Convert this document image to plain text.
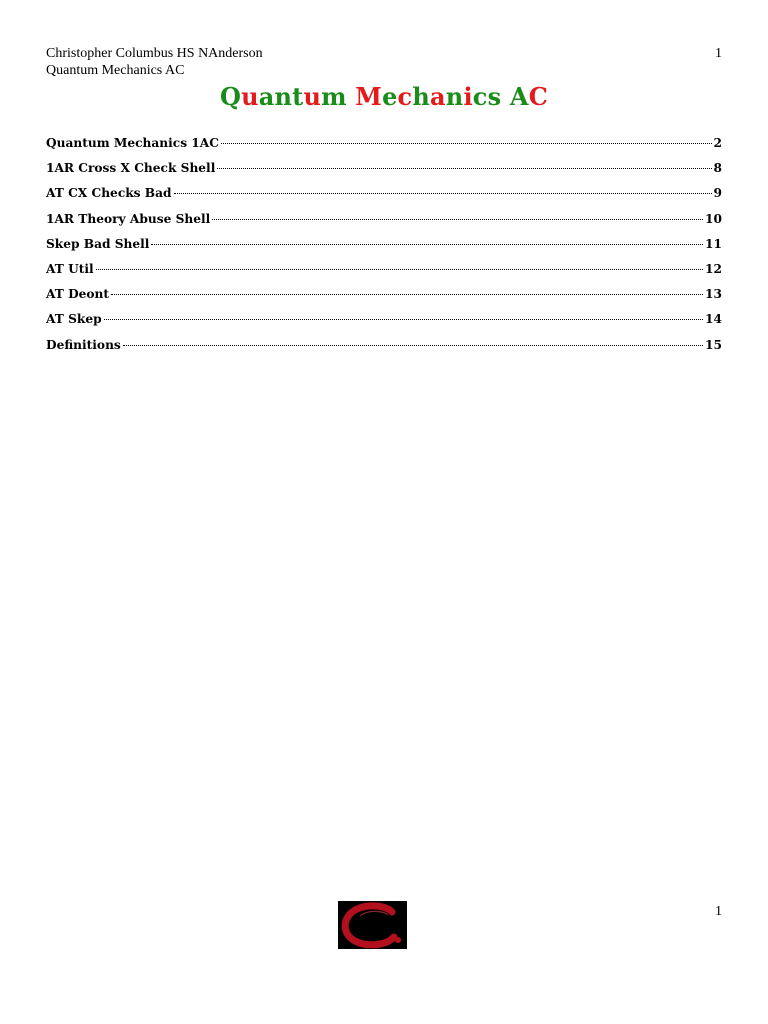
Christopher Columbus HS NAnderson
Quantum Mechanics AC
1
Quantum Mechanics AC
Quantum Mechanics 1AC	2
1AR Cross X Check Shell	8
AT CX Checks Bad	9
1AR Theory Abuse Shell	10
Skep Bad Shell	11
AT Util	12
AT Deont	13
AT Skep	14
Definitions	15
1
